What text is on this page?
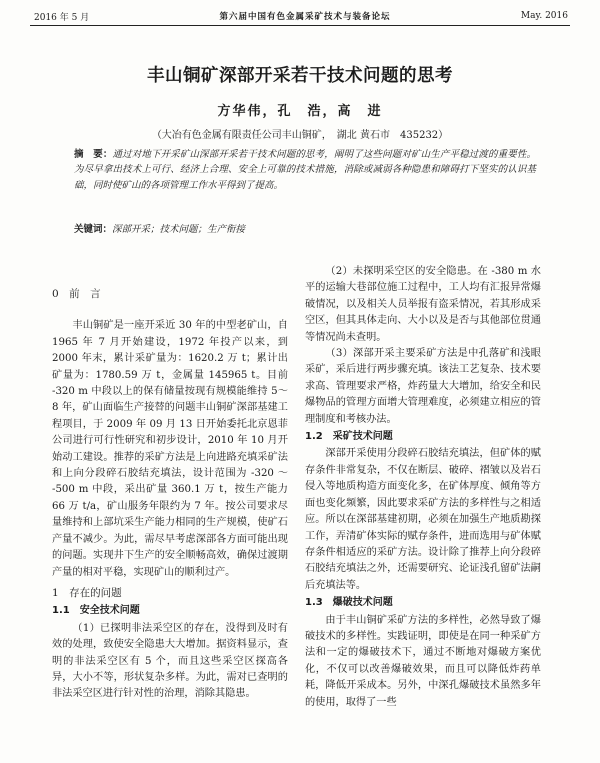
2016 年 5 月	第六届中国有色金属采矿技术与装备论坛	May. 2016
丰山铜矿深部开采若干技术问题的思考
方华伟，孔　浩，高　进
（大冶有色金属有限责任公司丰山铜矿，　湖北 黄石市　435232）
摘　要：通过对地下开采矿山深部开采若干技术问题的思考，阐明了这些问题对矿山生产平稳过渡的重要性。为尽早拿出技术上可行、经济上合理、安全上可靠的技术措施，消除或减弱各种隐患和障碍打下坚实的认识基础，同时使矿山的各项管理工作水平得到了提高。
关键词：深部开采；技术问题；生产衔接
0　前　言

丰山铜矿是一座开采近 30 年的中型老矿山，自 1965 年 7 月开始建设，1972 年投产以来，到 2000 年末，累计采矿量为：1620.2 万 t；累计出矿量为：1780.59 万 t，金属量 145965 t。目前 -320 m 中段以上的保有储量按现有规模能维持 5～8 年，矿山面临生产接替的问题丰山铜矿深部基建工程项目，于 2009 年 09 月 13 日开始委托北京恩菲公司进行可行性研究和初步设计，2010 年 10 月开始动工建设。推荐的采矿方法是上向进路充填采矿法和上向分段碎石胶结充填法，设计范围为 -320 ～ -500 m 中段，采出矿量 360.1 万 t，按生产能力 66 万 t/a，矿山服务年限约为 7 年。按公司要求尽量维持和上部坑采生产能力相同的生产规模，使矿石产量不减少。为此，需尽早考虑深部各方面可能出现的问题。实现井下生产的安全顺畅高效，确保过渡期产量的相对平稳，实现矿山的顺利过产。

1　存在的问题
1.1　安全技术问题

（1）已探明非法采空区的存在，没得到及时有效的处理，致使安全隐患大大增加。据资料显示，查明的非法采空区有 5 个，而且这些采空区探高各异，大小不等，形状复杂多样。为此，需对已查明的非法采空区进行针对性的治理，消除其隐患。

（2）未探明采空区的安全隐患。在 -380 m 水平的运输大巷部位施工过程中，工人均有汇报异常爆破情况，以及相关人员举报有盗采情况，若其形成采空区，但其具体走向、大小以及是否与其他部位贯通等情况尚未查明。

（3）深部开采主要采矿方法是中孔落矿和浅眼采矿，采后进行两步骤充填。该法工艺复杂、技术要求高、管理要求严格，炸药量大大增加，给安全和民爆物品的管理方面增大管理难度，必须建立相应的管理制度和考核办法。

1.2　采矿技术问题

深部开采使用分段碎石胶结充填法，但矿体的赋存条件非常复杂，不仅在断层、破碎、褶皱以及岩石侵入等地质构造方面变化多，在矿体厚度、倾角等方面也变化频繁，因此要求采矿方法的多样性与之相适应。所以在深部基建初期，必须在加强生产地质勘探工作，弄清矿体实际的赋存条件，进而选用与矿体赋存条件相适应的采矿方法。设计除了推荐上向分段碎石胶结充填法之外，还需要研究、论证浅孔留矿法嗣后充填法等。

1.3　爆破技术问题

由于丰山铜矿采矿方法的多样性，必然导致了爆破技术的多样性。实践证明，即使是在同一种采矿方法和一定的爆破技术下，通过不断地对爆破方案优化，不仅可以改善爆破效果，而且可以降低炸药单耗，降低开采成本。另外，中深孔爆破技术虽然多年的使用，取得了一些
